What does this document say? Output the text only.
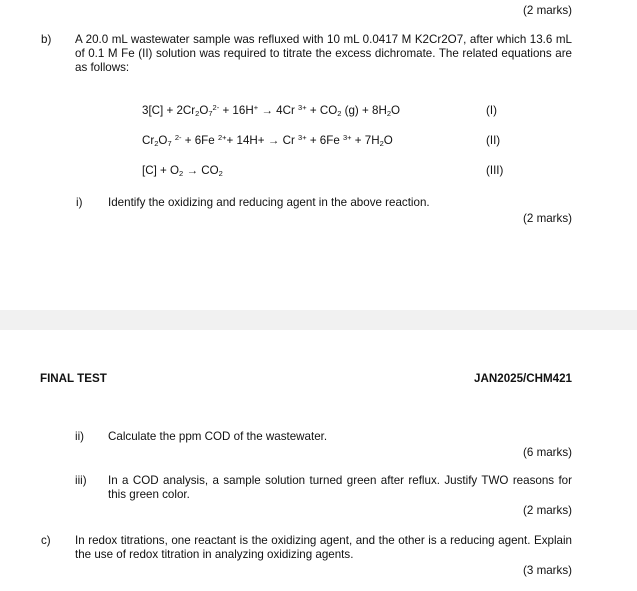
(2 marks)
b) A 20.0 mL wastewater sample was refluxed with 10 mL 0.0417 M K2Cr2O7, after which 13.6 mL of 0.1 M Fe (II) solution was required to titrate the excess dichromate. The related equations are as follows:
$3[C] + 2Cr_2O_7^{2-} + 16H^+ \to 4Cr$ $^{3+} + CO_2$ $(g) + 8H_2O$	(I)
$Cr_2O_7$ $^{2-}$ + 6Fe $^{2+}$+ 14H+ → Cr $^{3+}$ + 6Fe $^{3+} + 7H_2O$	(II)
$[C] + O_2 \to CO_2$	(III)
i) Identify the oxidizing and reducing agent in the above reaction.
(2 marks)
FINAL TEST	JAN2025/CHM421
ii) Calculate the ppm COD of the wastewater.
(6 marks)
iii) In a COD analysis, a sample solution turned green after reflux. Justify TWO reasons for this green color.
(2 marks)
c) In redox titrations, one reactant is the oxidizing agent, and the other is a reducing agent. Explain the use of redox titration in analyzing oxidizing agents.
(3 marks)
